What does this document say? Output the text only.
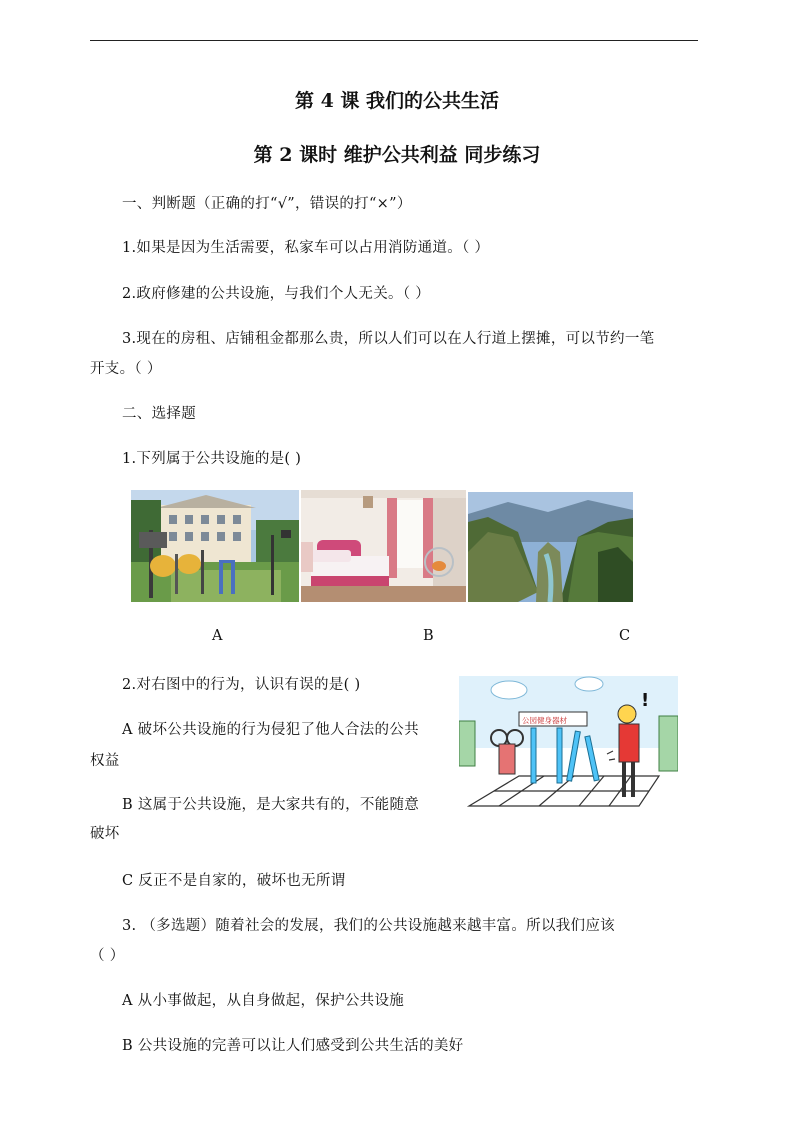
第 4 课 我们的公共生活
第 2 课时 维护公共利益 同步练习
一、判断题（正确的打“√”，错误的打“×”）
1.如果是因为生活需要，私家车可以占用消防通道。（ ）
2.政府修建的公共设施，与我们个人无关。（ ）
3.现在的房租、店铺租金都那么贵，所以人们可以在人行道上摆摊，可以节约一笔
开支。（ ）
二、选择题
1.下列属于公共设施的是( )
A	B	C
2.对右图中的行为，认识有误的是( )
A 破坏公共设施的行为侵犯了他人合法的公共
权益
B 这属于公共设施，是大家共有的，不能随意
破坏
C 反正不是自家的，破坏也无所谓
公园健身器材
!
3. （多选题）随着社会的发展，我们的公共设施越来越丰富。所以我们应该
（ ）
A 从小事做起，从自身做起，保护公共设施
B 公共设施的完善可以让人们感受到公共生活的美好
